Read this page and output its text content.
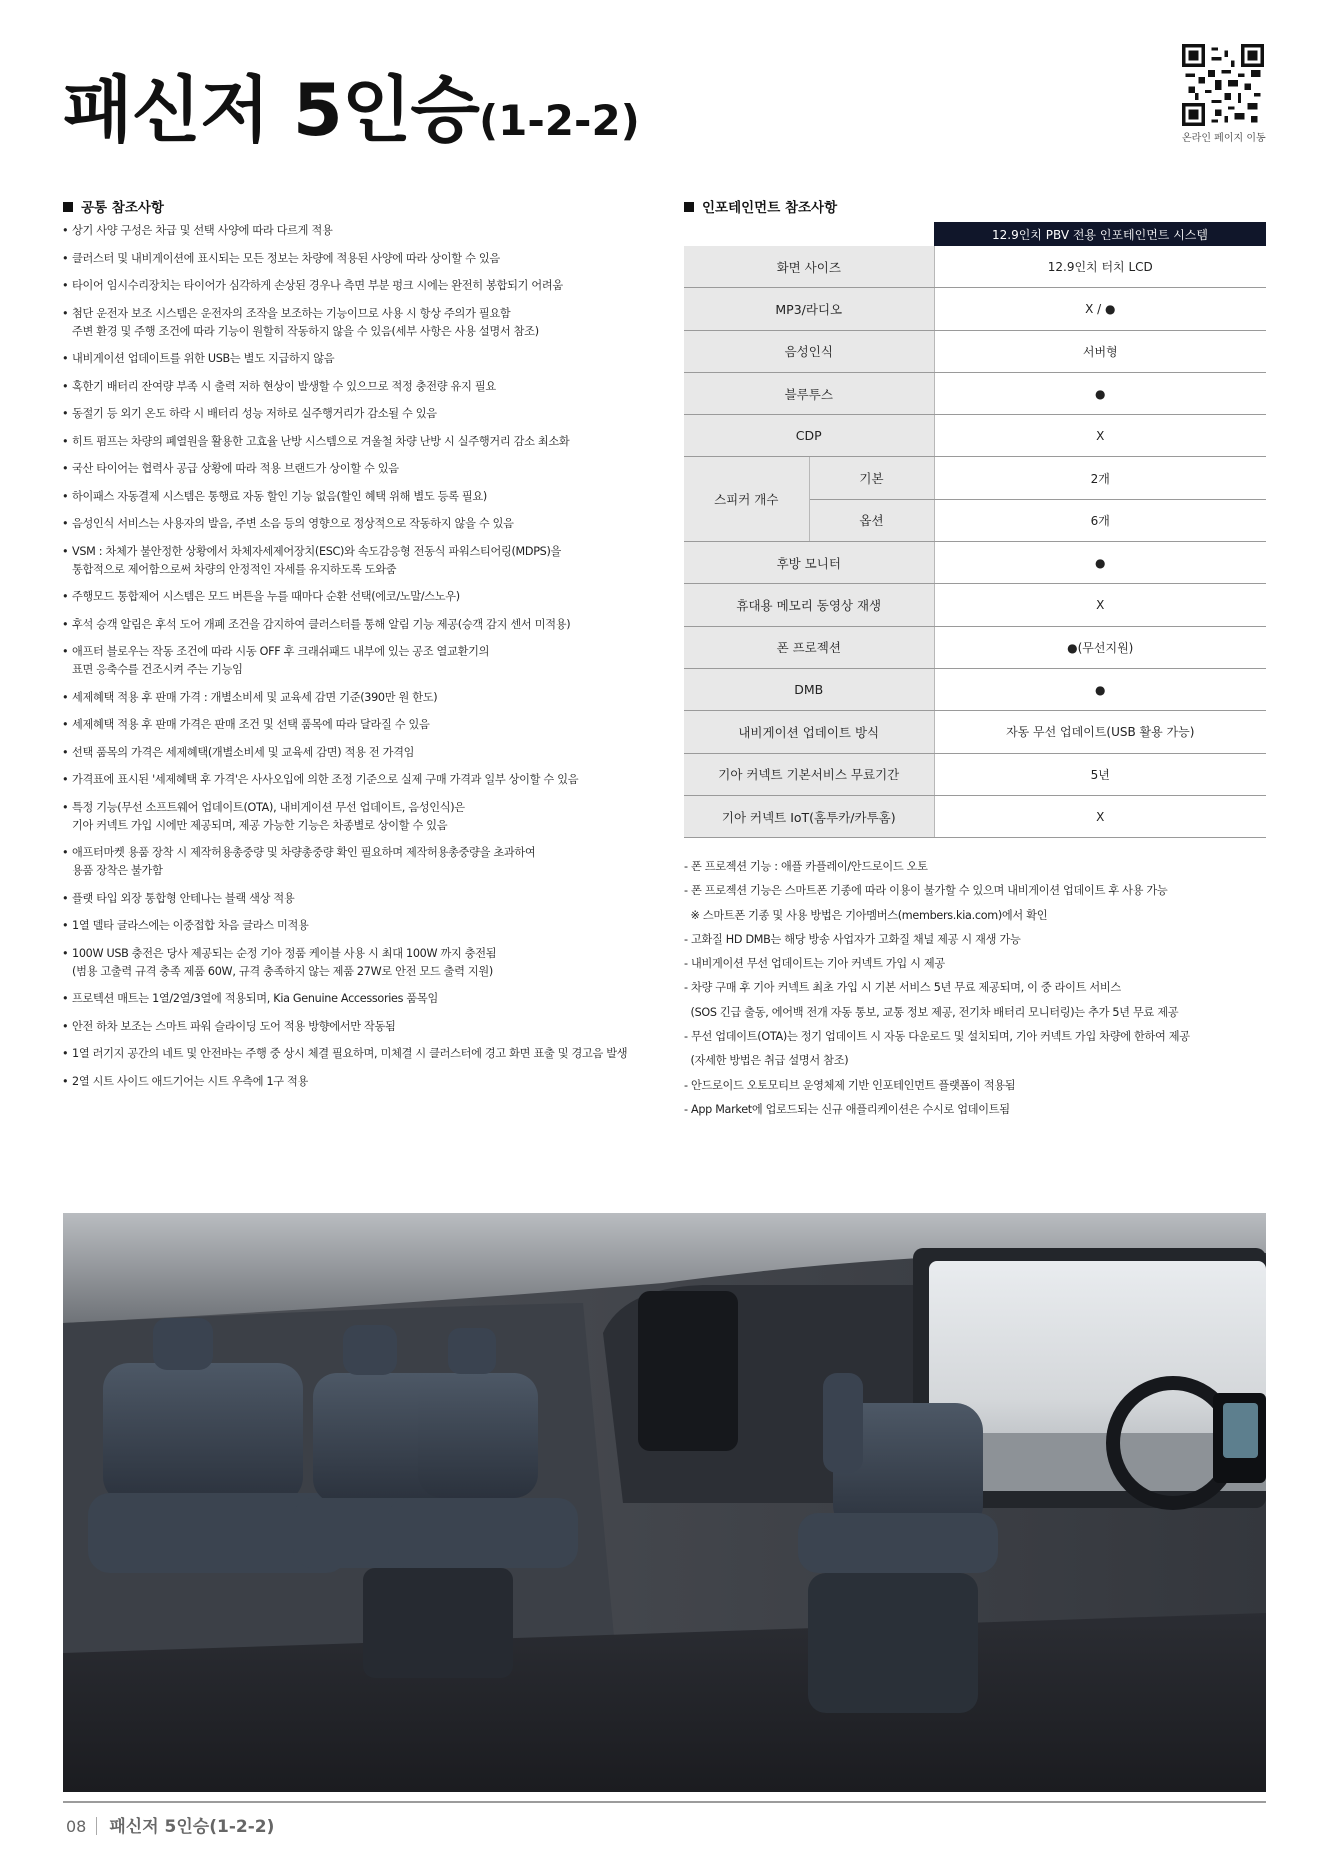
패신저 5인승(1-2-2)	온라인 페이지 이동
공통 참조사항
• 상기 사양 구성은 차급 및 선택 사양에 따라 다르게 적용
• 클러스터 및 내비게이션에 표시되는 모든 정보는 차량에 적용된 사양에 따라 상이할 수 있음
• 타이어 임시수리장치는 타이어가 심각하게 손상된 경우나 측면 부분 펑크 시에는 완전히 봉합되기 어려움
• 첨단 운전자 보조 시스템은 운전자의 조작을 보조하는 기능이므로 사용 시 항상 주의가 필요함
주변 환경 및 주행 조건에 따라 기능이 원할히 작동하지 않을 수 있음(세부 사항은 사용 설명서 참조)
• 내비게이션 업데이트를 위한 USB는 별도 지급하지 않음
• 혹한기 배터리 잔여량 부족 시 출력 저하 현상이 발생할 수 있으므로 적정 충전량 유지 필요
• 동절기 등 외기 온도 하락 시 배터리 성능 저하로 실주행거리가 감소될 수 있음
• 히트 펌프는 차량의 폐열원을 활용한 고효율 난방 시스템으로 겨울철 차량 난방 시 실주행거리 감소 최소화
• 국산 타이어는 협력사 공급 상황에 따라 적용 브랜드가 상이할 수 있음
• 하이패스 자동결제 시스템은 통행료 자동 할인 기능 없음(할인 혜택 위해 별도 등록 필요)
• 음성인식 서비스는 사용자의 발음, 주변 소음 등의 영향으로 정상적으로 작동하지 않을 수 있음
• VSM : 차체가 불안정한 상황에서 차체자세제어장치(ESC)와 속도감응형 전동식 파워스티어링(MDPS)을
통합적으로 제어함으로써 차량의 안정적인 자세를 유지하도록 도와줌
• 주행모드 통합제어 시스템은 모드 버튼을 누를 때마다 순환 선택(에코/노말/스노우)
• 후석 승객 알림은 후석 도어 개폐 조건을 감지하여 클러스터를 통해 알림 기능 제공(승객 감지 센서 미적용)
• 애프터 블로우는 작동 조건에 따라 시동 OFF 후 크래쉬패드 내부에 있는 공조 열교환기의
표면 응축수를 건조시켜 주는 기능임
• 세제혜택 적용 후 판매 가격 : 개별소비세 및 교육세 감면 기준(390만 원 한도)
• 세제혜택 적용 후 판매 가격은 판매 조건 및 선택 품목에 따라 달라질 수 있음
• 선택 품목의 가격은 세제혜택(개별소비세 및 교육세 감면) 적용 전 가격임
• 가격표에 표시된 '세제혜택 후 가격'은 사사오입에 의한 조정 기준으로 실제 구매 가격과 일부 상이할 수 있음
• 특정 기능(무선 소프트웨어 업데이트(OTA), 내비게이션 무선 업데이트, 음성인식)은
기아 커넥트 가입 시에만 제공되며, 제공 가능한 기능은 차종별로 상이할 수 있음
• 애프터마켓 용품 장착 시 제작허용총중량 및 차량총중량 확인 필요하며 제작허용총중량을 초과하여
용품 장착은 불가함
• 플랫 타입 외장 통합형 안테나는 블랙 색상 적용
• 1열 델타 글라스에는 이중접합 차음 글라스 미적용
• 100W USB 충전은 당사 제공되는 순정 기아 정품 케이블 사용 시 최대 100W 까지 충전됨
(범용 고출력 규격 충족 제품 60W, 규격 충족하지 않는 제품 27W로 안전 모드 출력 지원)
• 프로텍션 매트는 1열/2열/3열에 적용되며, Kia Genuine Accessories 품목임
• 안전 하차 보조는 스마트 파워 슬라이딩 도어 적용 방향에서만 작동됨
• 1열 러기지 공간의 네트 및 안전바는 주행 중 상시 체결 필요하며, 미체결 시 클러스터에 경고 화면 표출 및 경고음 발생
• 2열 시트 사이드 애드기어는 시트 우측에 1구 적용
인포테인먼트 참조사항
		12.9인치 PBV 전용 인포테인먼트 시스템
화면 사이즈		12.9인치 터치 LCD
MP3/라디오		X / ●
음성인식		서버형
블루투스		●
CDP		X
스피커 개수	기본	2개
	옵션	6개
후방 모니터		●
휴대용 메모리 동영상 재생		X
폰 프로젝션		●(무선지원)
DMB		●
내비게이션 업데이트 방식		자동 무선 업데이트(USB 활용 가능)
기아 커넥트 기본서비스 무료기간		5년
기아 커넥트 IoT(홈투카/카투홈)		X
- 폰 프로젝션 기능 : 애플 카플레이/안드로이드 오토
- 폰 프로젝션 기능은 스마트폰 기종에 따라 이용이 불가할 수 있으며 내비게이션 업데이트 후 사용 가능
※ 스마트폰 기종 및 사용 방법은 기아멤버스(members.kia.com)에서 확인
- 고화질 HD DMB는 해당 방송 사업자가 고화질 채널 제공 시 재생 가능
- 내비게이션 무선 업데이트는 기아 커넥트 가입 시 제공
- 차량 구매 후 기아 커넥트 최초 가입 시 기본 서비스 5년 무료 제공되며, 이 중 라이트 서비스
(SOS 긴급 출동, 에어백 전개 자동 통보, 교통 정보 제공, 전기차 배터리 모니터링)는 추가 5년 무료 제공
- 무선 업데이트(OTA)는 정기 업데이트 시 자동 다운로드 및 설치되며, 기아 커넥트 가입 차량에 한하여 제공
(자세한 방법은 취급 설명서 참조)
- 안드로이드 오토모티브 운영체제 기반 인포테인먼트 플랫폼이 적용됨
- App Market에 업로드되는 신규 애플리케이션은 수시로 업데이트됨
08 패신저 5인승(1-2-2)
